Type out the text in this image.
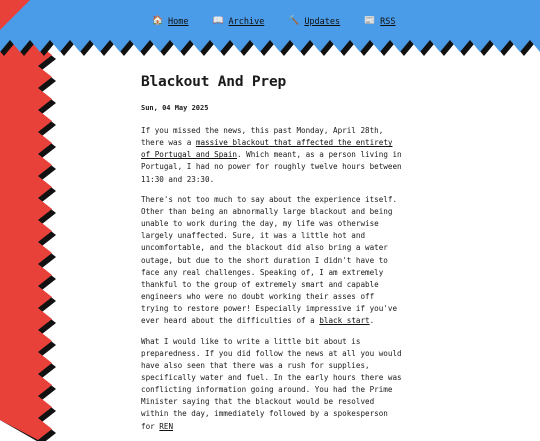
🏠 Home	📖 Archive	🔨 Updates	📰 RSS
Blackout And Prep
Sun, 04 May 2025

If you missed the news, this past Monday, April 28th, there was a massive blackout that affected the entirety of Portugal and Spain. Which meant, as a person living in Portugal, I had no power for roughly twelve hours between 11:30 and 23:30.

There's not too much to say about the experience itself. Other than being an abnormally large blackout and being unable to work during the day, my life was otherwise largely unaffected. Sure, it was a little hot and uncomfortable, and the blackout did also bring a water outage, but due to the short duration I didn't have to face any real challenges. Speaking of, I am extremely thankful to the group of extremely smart and capable engineers who were no doubt working their asses off trying to restore power! Especially impressive if you've ever heard about the difficulties of a black start.

What I would like to write a little bit about is preparedness. If you did follow the news at all you would have also seen that there was a rush for supplies, specifically water and fuel. In the early hours there was conflicting information going around. You had the Prime Minister saying that the blackout would be resolved within the day, immediately followed by a spokesperson for REN
